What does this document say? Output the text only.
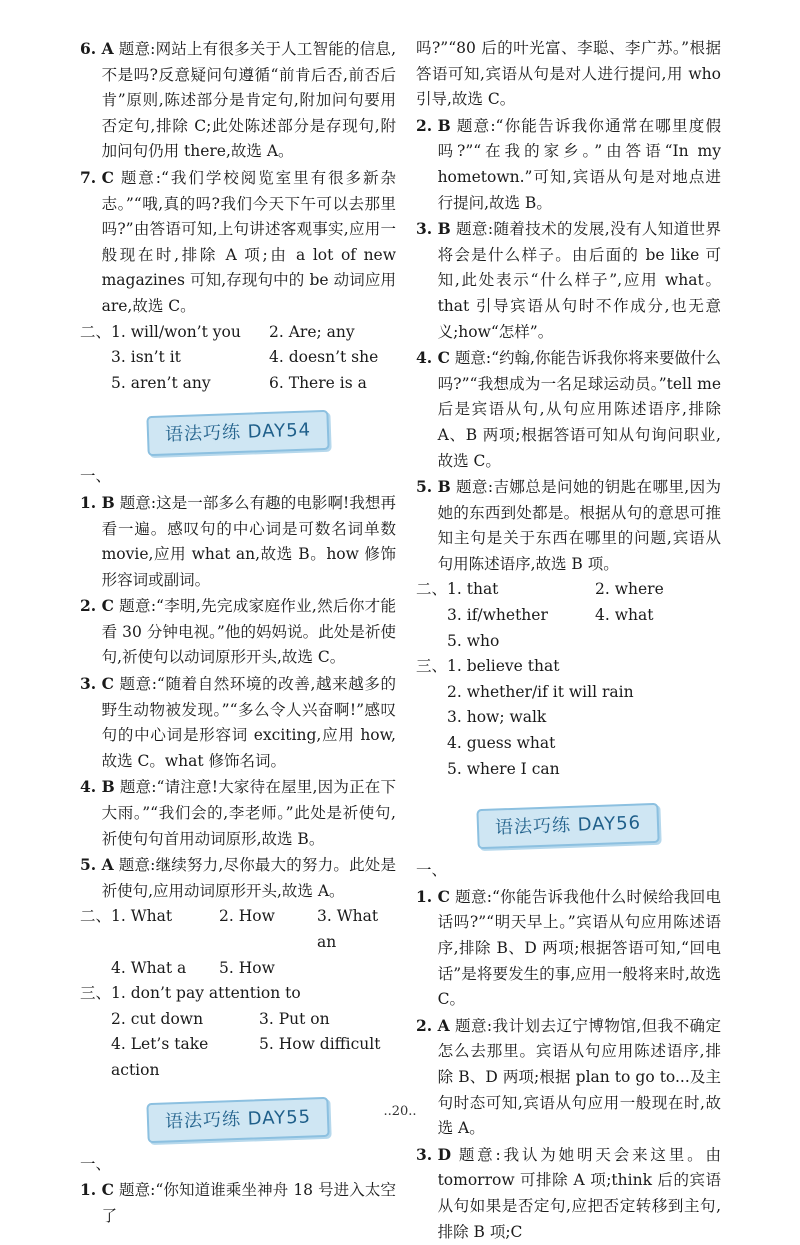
6. A 题意:网站上有很多关于人工智能的信息,不是吗?反意疑问句遵循“前肯后否,前否后肯”原则,陈述部分是肯定句,附加问句要用否定句,排除 C;此处陈述部分是存现句,附加问句仍用 there,故选 A。
7. C 题意:“我们学校阅览室里有很多新杂志。”“哦,真的吗?我们今天下午可以去那里吗?”由答语可知,上句讲述客观事实,应用一般现在时,排除 A 项;由 a lot of new magazines 可知,存现句中的 be 动词应用 are,故选 C。
二、 1. will/won’t you	2. Are; any
3. isn’t it	4. doesn’t she
5. aren’t any	6. There is a
语法巧练 DAY54
一、
1. B 题意:这是一部多么有趣的电影啊!我想再看一遍。感叹句的中心词是可数名词单数 movie,应用 what an,故选 B。how 修饰形容词或副词。
2. C 题意:“李明,先完成家庭作业,然后你才能看 30 分钟电视。”他的妈妈说。此处是祈使句,祈使句以动词原形开头,故选 C。
3. C 题意:“随着自然环境的改善,越来越多的野生动物被发现。”“多么令人兴奋啊!”感叹句的中心词是形容词 exciting,应用 how,故选 C。what 修饰名词。
4. B 题意:“请注意!大家待在屋里,因为正在下大雨。”“我们会的,李老师。”此处是祈使句,祈使句句首用动词原形,故选 B。
5. A 题意:继续努力,尽你最大的努力。此处是祈使句,应用动词原形开头,故选 A。
二、 1. What	2. How	3. What an
4. What a	5. How
三、 1. don’t pay attention to
2. cut down	3. Put on
4. Let’s take action
5. How difficult
语法巧练 DAY55
一、
1. C 题意:“你知道谁乘坐神舟 18 号进入太空了
吗?”“80 后的叶光富、李聪、李广苏。”根据答语可知,宾语从句是对人进行提问,用 who 引导,故选 C。
2. B 题意:“你能告诉我你通常在哪里度假吗?”“在我的家乡。”由答语“In my hometown.”可知,宾语从句是对地点进行提问,故选 B。
3. B 题意:随着技术的发展,没有人知道世界将会是什么样子。由后面的 be like 可知,此处表示“什么样子”,应用 what。that 引导宾语从句时不作成分,也无意义;how“怎样”。
4. C 题意:“约翰,你能告诉我你将来要做什么吗?”“我想成为一名足球运动员。”tell me 后是宾语从句,从句应用陈述语序,排除 A、B 两项;根据答语可知从句询问职业,故选 C。
5. B 题意:吉娜总是问她的钥匙在哪里,因为她的东西到处都是。根据从句的意思可推知主句是关于东西在哪里的问题,宾语从句用陈述语序,故选 B 项。
二、 1. that	2. where
3. if/whether	4. what
5. who
三、 1. believe that
2. whether/if it will rain
3. how; walk
4. guess what
5. where I can
语法巧练 DAY56
一、
1. C 题意:“你能告诉我他什么时候给我回电话吗?”“明天早上。”宾语从句应用陈述语序,排除 B、D 两项;根据答语可知,“回电话”是将要发生的事,应用一般将来时,故选 C。
2. A 题意:我计划去辽宁博物馆,但我不确定怎么去那里。宾语从句应用陈述语序,排除 B、D 两项;根据 plan to go to...及主句时态可知,宾语从句应用一般现在时,故选 A。
3. D 题意:我认为她明天会来这里。由 tomorrow 可排除 A 项;think 后的宾语从句如果是否定句,应把否定转移到主句,排除 B 项;C
..20..
